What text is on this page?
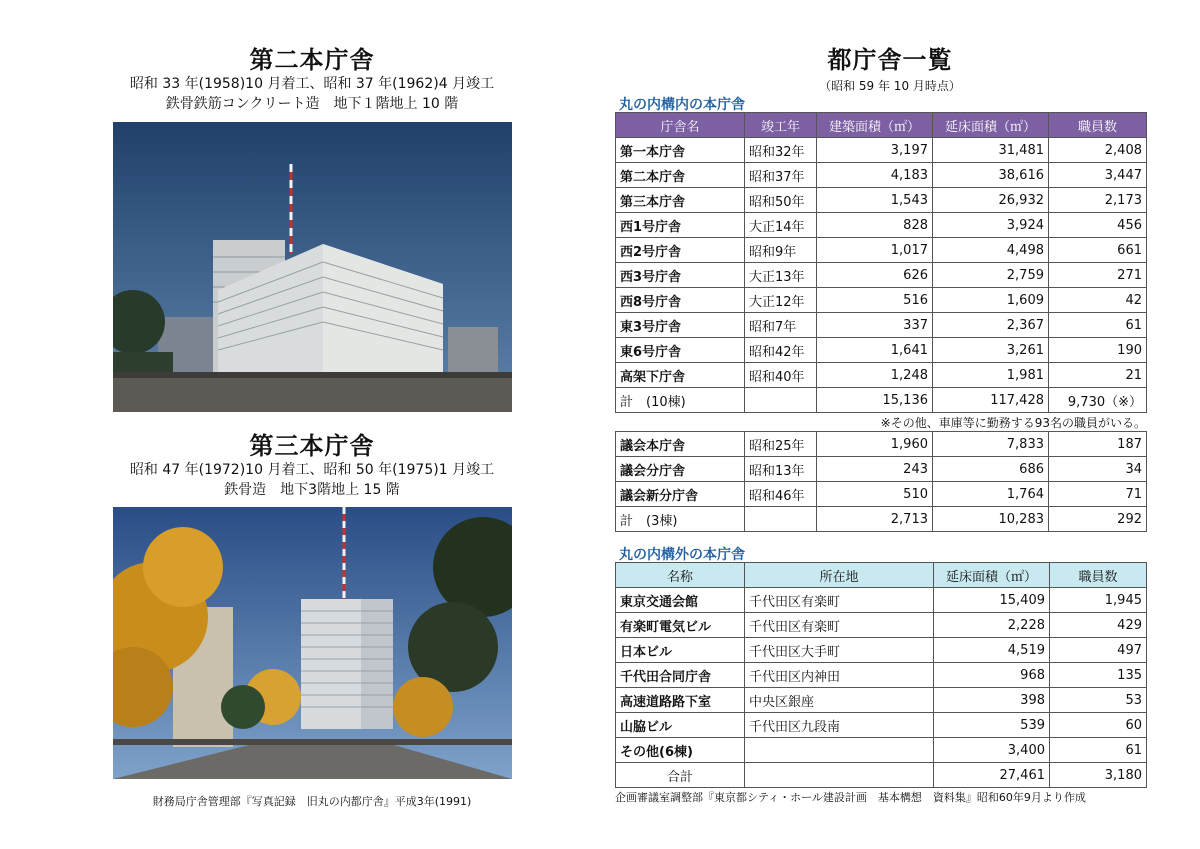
第二本庁舎
昭和 33 年(1958)10 月着工、昭和 37 年(1962)4 月竣工
鉄骨鉄筋コンクリート造　地下１階地上 10 階
第三本庁舎
昭和 47 年(1972)10 月着工、昭和 50 年(1975)1 月竣工
鉄骨造　地下3階地上 15 階
財務局庁舎管理部『写真記録　旧丸の内都庁舎』平成3年(1991)
都庁舎一覧
（昭和 59 年 10 月時点）
丸の内構内の本庁舎
庁舎名	竣工年	建築面積（㎡）	延床面積（㎡）	職員数
第一本庁舎	昭和32年	3,197	31,481	2,408
第二本庁舎	昭和37年	4,183	38,616	3,447
第三本庁舎	昭和50年	1,543	26,932	2,173
西1号庁舎	大正14年	828	3,924	456
西2号庁舎	昭和9年	1,017	4,498	661
西3号庁舎	大正13年	626	2,759	271
西8号庁舎	大正12年	516	1,609	42
東3号庁舎	昭和7年	337	2,367	61
東6号庁舎	昭和42年	1,641	3,261	190
高架下庁舎	昭和40年	1,248	1,981	21
計　(10棟)		15,136	117,428	9,730（※）
※その他、車庫等に勤務する93名の職員がいる。
議会本庁舎	昭和25年	1,960	7,833	187
議会分庁舎	昭和13年	243	686	34
議会新分庁舎	昭和46年	510	1,764	71
計　(3棟)		2,713	10,283	292
丸の内構外の本庁舎
名称	所在地	延床面積（㎡）	職員数
東京交通会館	千代田区有楽町	15,409	1,945
有楽町電気ビル	千代田区有楽町	2,228	429
日本ビル	千代田区大手町	4,519	497
千代田合同庁舎	千代田区内神田	968	135
高速道路路下室	中央区銀座	398	53
山脇ビル	千代田区九段南	539	60
その他(6棟)		3,400	61
合計		27,461	3,180
企画審議室調整部『東京都シティ・ホール建設計画　基本構想　資料集』昭和60年9月より作成
